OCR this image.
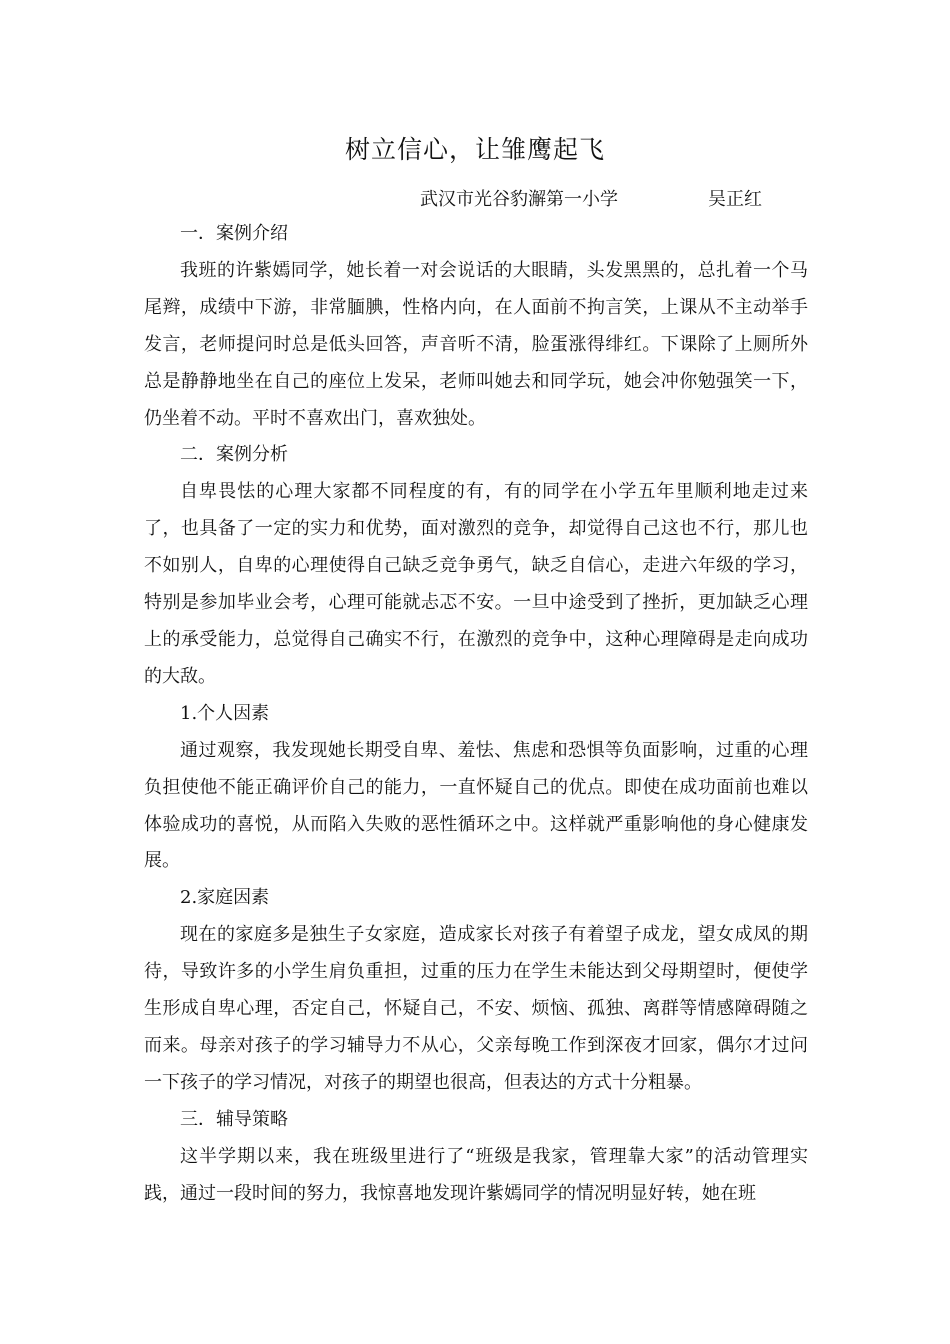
树立信心，让雏鹰起飞
武汉市光谷豹澥第一小学	吴正红

一．案例介绍

我班的许紫嫣同学，她长着一对会说话的大眼睛，头发黑黑的，总扎着一个马尾辫，成绩中下游，非常腼腆，性格内向，在人面前不拘言笑，上课从不主动举手发言，老师提问时总是低头回答，声音听不清，脸蛋涨得绯红。下课除了上厕所外总是静静地坐在自己的座位上发呆，老师叫她去和同学玩，她会冲你勉强笑一下，仍坐着不动。平时不喜欢出门，喜欢独处。

二．案例分析

自卑畏怯的心理大家都不同程度的有，有的同学在小学五年里顺利地走过来了，也具备了一定的实力和优势，面对激烈的竞争，却觉得自己这也不行，那儿也不如别人，自卑的心理使得自己缺乏竞争勇气，缺乏自信心，走进六年级的学习，特别是参加毕业会考，心理可能就忐忑不安。一旦中途受到了挫折，更加缺乏心理上的承受能力，总觉得自己确实不行，在激烈的竞争中，这种心理障碍是走向成功的大敌。

1.个人因素

通过观察，我发现她长期受自卑、羞怯、焦虑和恐惧等负面影响，过重的心理负担使他不能正确评价自己的能力，一直怀疑自己的优点。即使在成功面前也难以体验成功的喜悦，从而陷入失败的恶性循环之中。这样就严重影响他的身心健康发展。

2.家庭因素

现在的家庭多是独生子女家庭，造成家长对孩子有着望子成龙，望女成凤的期待，导致许多的小学生肩负重担，过重的压力在学生未能达到父母期望时，便使学生形成自卑心理，否定自己，怀疑自己，不安、烦恼、孤独、离群等情感障碍随之而来。母亲对孩子的学习辅导力不从心，父亲每晚工作到深夜才回家，偶尔才过问一下孩子的学习情况，对孩子的期望也很高，但表达的方式十分粗暴。

三．辅导策略

这半学期以来，我在班级里进行了“班级是我家，管理靠大家”的活动管理实践，通过一段时间的努力，我惊喜地发现许紫嫣同学的情况明显好转，她在班
